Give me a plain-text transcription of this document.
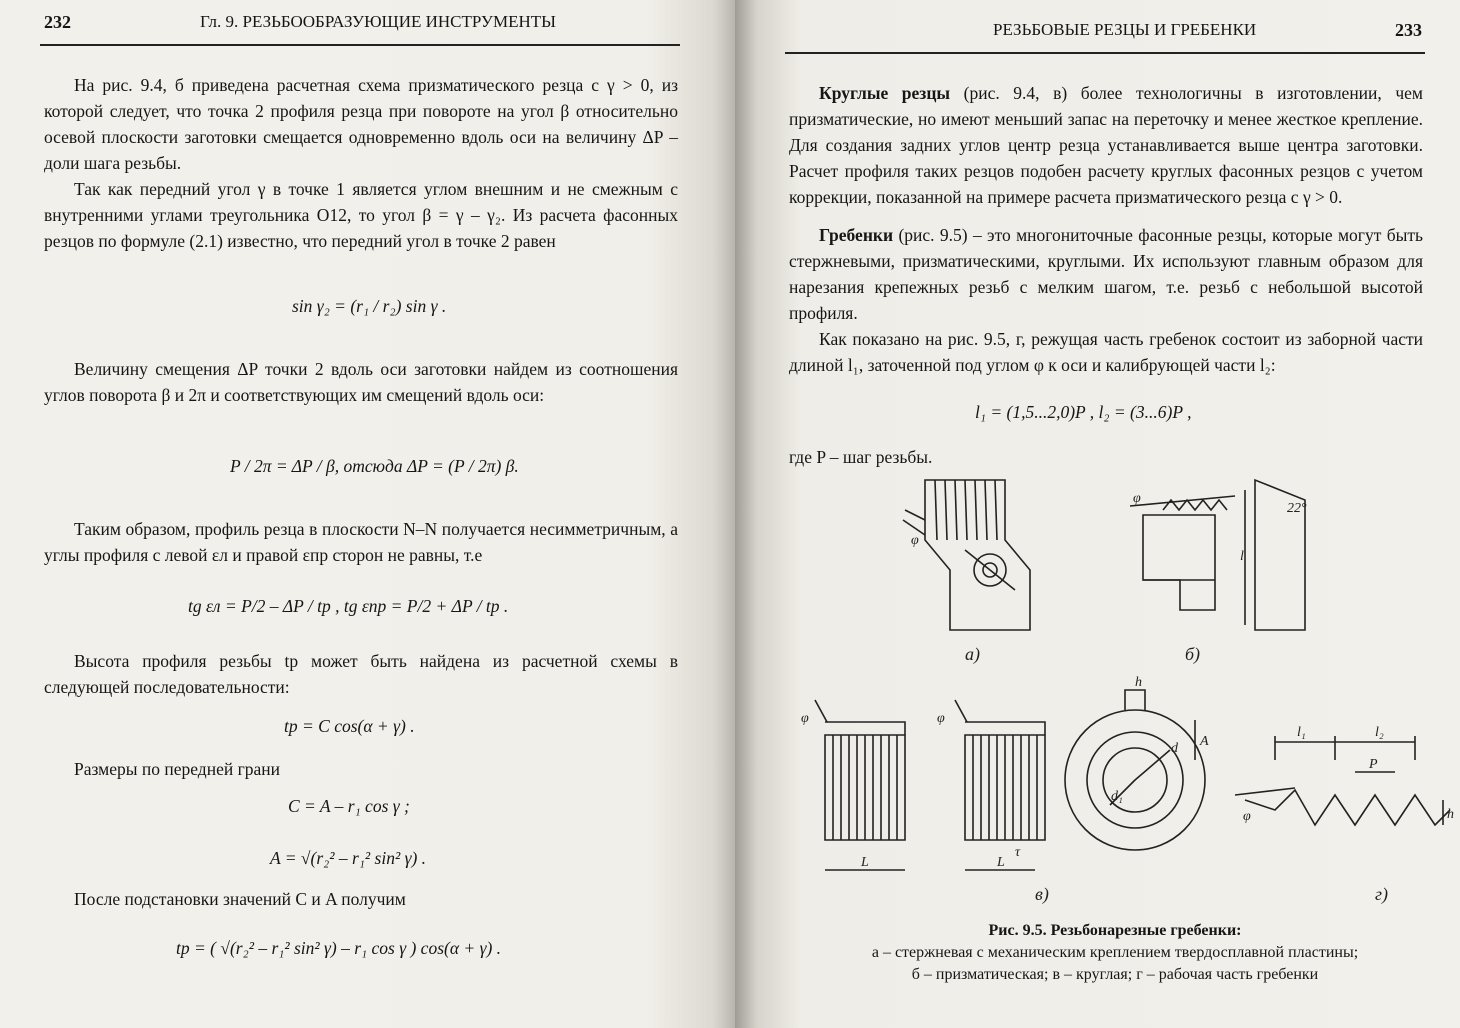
232	Гл. 9. РЕЗЬБООБРАЗУЮЩИЕ ИНСТРУМЕНТЫ

На рис. 9.4, б приведена расчетная схема призматического резца с γ > 0, из которой следует, что точка 2 профиля резца при повороте на угол β относительно осевой плоскости заготовки смещается одновременно вдоль оси на величину ΔP – доли шага резьбы.

Так как передний угол γ в точке 1 является углом внешним и не смежным с внутренними углами треугольника O12, то угол β = γ – γ₂. Из расчета фасонных резцов по формуле (2.1) известно, что передний угол в точке 2 равен

sin γ₂ = (r₁ / r₂) sin γ .

Величину смещения ΔP точки 2 вдоль оси заготовки найдем из соотношения углов поворота β и 2π и соответствующих им смещений вдоль оси:

P / 2π = ΔP / β, отсюда ΔP = (P / 2π) β.

Таким образом, профиль резца в плоскости N–N получается несимметричным, а углы профиля с левой εл и правой εпр сторон не равны, т.е

tg εл = P/2 – ΔP / tp , tg εпр = P/2 + ΔP / tp .

Высота профиля резьбы tp может быть найдена из расчетной схемы в следующей последовательности:

tp = C cos(α + γ) .

Размеры по передней грани

C = A – r₁ cos γ ;
A = √(r₂² – r₁² sin² γ) .

После подстановки значений C и A получим

tp = ( √(r₂² – r₁² sin² γ) – r₁ cos γ ) cos(α + γ) .
РЕЗЬБОВЫЕ РЕЗЦЫ И ГРЕБЕНКИ	233

Круглые резцы (рис. 9.4, в) более технологичны в изготовлении, чем призматические, но имеют меньший запас на переточку и менее жесткое крепление. Для создания задних углов центр резца устанавливается выше центра заготовки. Расчет профиля таких резцов подобен расчету круглых фасонных резцов с учетом коррекции, показанной на примере расчета призматического резца с γ > 0.

Гребенки (рис. 9.5) – это многониточные фасонные резцы, которые могут быть стержневыми, призматическими, круглыми. Их используют главным образом для нарезания крепежных резьб с мелким шагом, т.е. резьб с небольшой высотой профиля.

Как показано на рис. 9.5, г, режущая часть гребенок состоит из заборной части длиной l₁, заточенной под углом φ к оси и калибрующей части l₂:

l₁ = (1,5...2,0)P , l₂ = (3...6)P ,

где P – шаг резьбы.

φ
а)
φ
l
22°
б)
φ
L
φ
L
τ
h
d
d₁
A
в)
l₁	l₂
P
φ	h
г)
Рис. 9.5. Резьбонарезные гребенки:
а – стержневая с механическим креплением твердосплавной пластины;
б – призматическая; в – круглая; г – рабочая часть гребенки
